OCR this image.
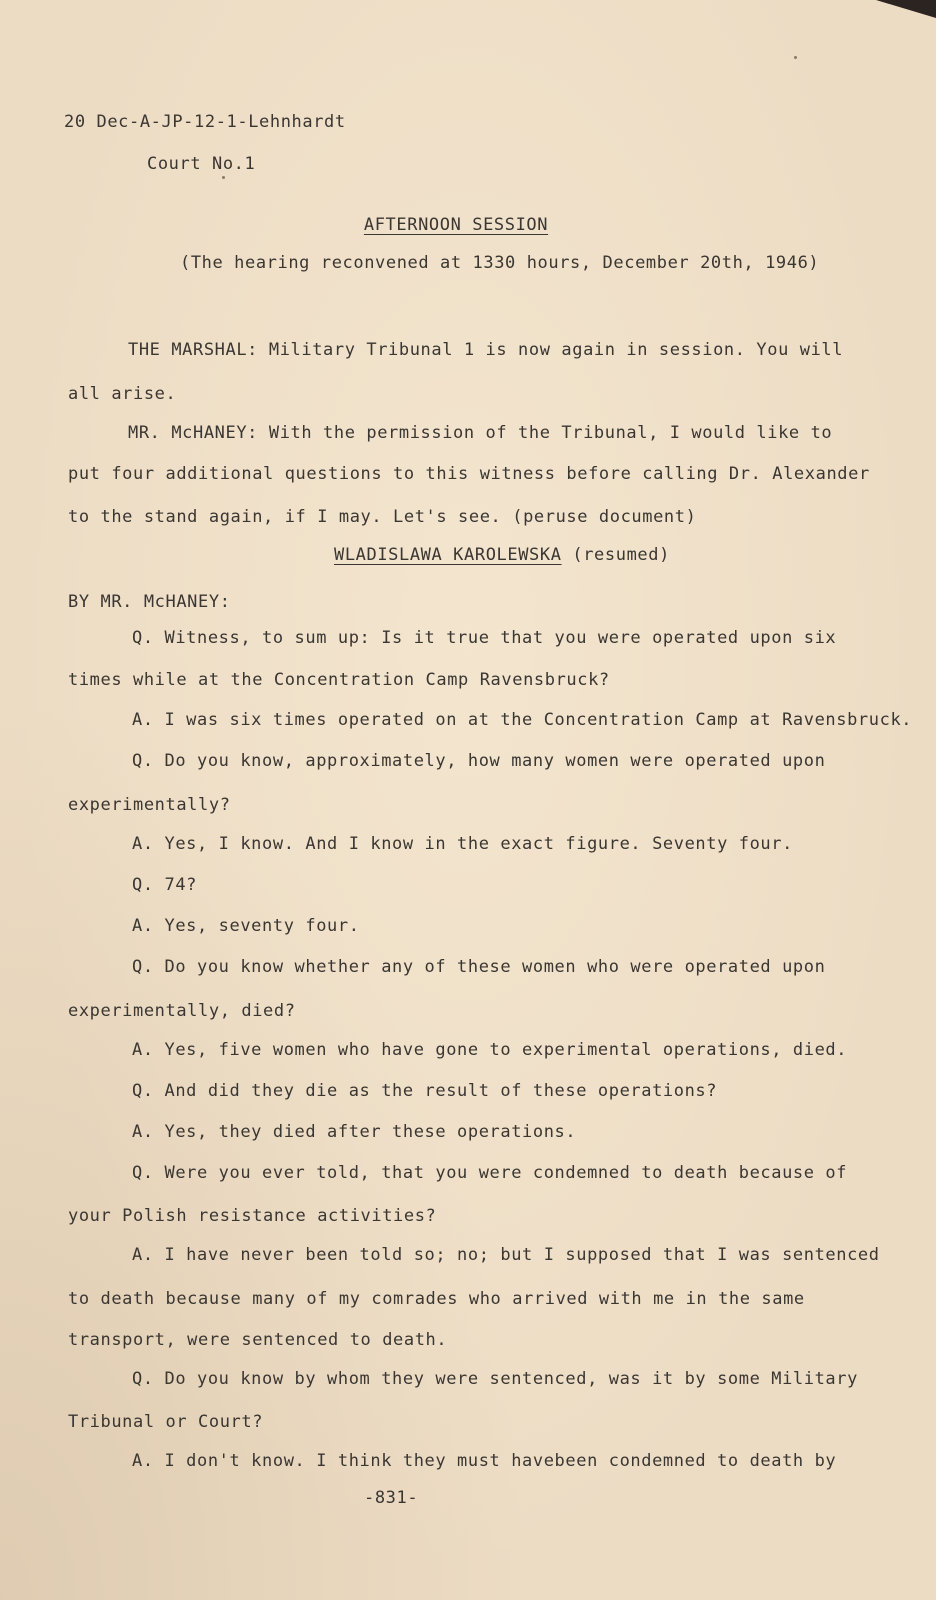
20 Dec-A-JP-12-1-Lehnhardt
Court No.1
AFTERNOON SESSION
(The hearing reconvened at 1330 hours, December 20th, 1946)
THE MARSHAL: Military Tribunal 1 is now again in session. You will
all arise.
MR. McHANEY: With the permission of the Tribunal, I would like to
put four additional questions to this witness before calling Dr. Alexander
to the stand again, if I may. Let's see. (peruse document)
WLADISLAWA KAROLEWSKA (resumed)
BY MR. McHANEY:
Q. Witness, to sum up: Is it true that you were operated upon six
times while at the Concentration Camp Ravensbruck?
A. I was six times operated on at the Concentration Camp at Ravensbruck.
Q. Do you know, approximately, how many women were operated upon
experimentally?
A. Yes, I know. And I know in the exact figure. Seventy four.
Q. 74?
A. Yes, seventy four.
Q. Do you know whether any of these women who were operated upon
experimentally, died?
A. Yes, five women who have gone to experimental operations, died.
Q. And did they die as the result of these operations?
A. Yes, they died after these operations.
Q. Were you ever told, that you were condemned to death because of
your Polish resistance activities?
A. I have never been told so; no; but I supposed that I was sentenced
to death because many of my comrades who arrived with me in the same
transport, were sentenced to death.
Q. Do you know by whom they were sentenced, was it by some Military
Tribunal or Court?
A. I don't know. I think they must havebeen condemned to death by
-831-
